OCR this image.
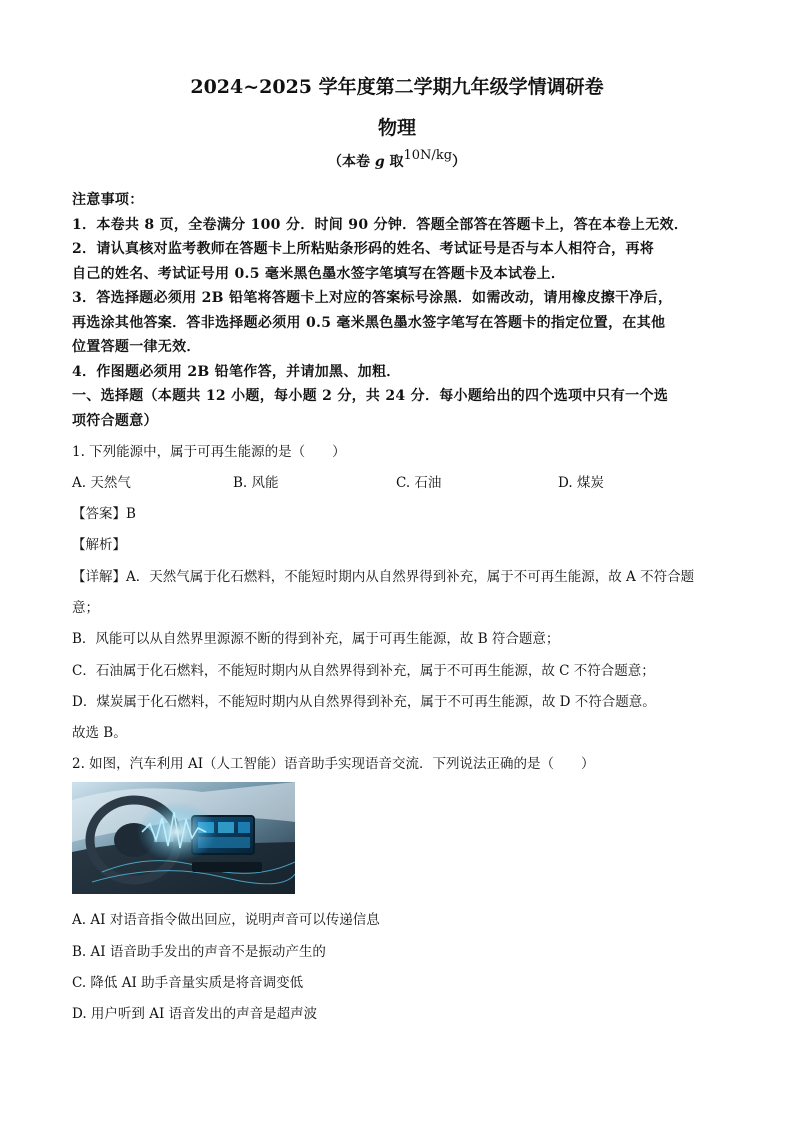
2024~2025 学年度第二学期九年级学情调研卷
物理
（本卷 g 取10N/kg）
注意事项：
1．本卷共 8 页，全卷满分 100 分．时间 90 分钟．答题全部答在答题卡上，答在本卷上无效．
2．请认真核对监考教师在答题卡上所粘贴条形码的姓名、考试证号是否与本人相符合，再将
自己的姓名、考试证号用 0.5 毫米黑色墨水签字笔填写在答题卡及本试卷上．
3．答选择题必须用 2B 铅笔将答题卡上对应的答案标号涂黑．如需改动，请用橡皮擦干净后，
再选涂其他答案．答非选择题必须用 0.5 毫米黑色墨水签字笔写在答题卡的指定位置，在其他
位置答题一律无效．
4．作图题必须用 2B 铅笔作答，并请加黑、加粗．
一、选择题（本题共 12 小题，每小题 2 分，共 24 分．每小题给出的四个选项中只有一个选
项符合题意）
1. 下列能源中，属于可再生能源的是（　　）
A. 天然气	B. 风能	C. 石油	D. 煤炭
【答案】B
【解析】
【详解】A．天然气属于化石燃料，不能短时期内从自然界得到补充，属于不可再生能源，故 A 不符合题
意；
B．风能可以从自然界里源源不断的得到补充，属于可再生能源，故 B 符合题意；
C．石油属于化石燃料，不能短时期内从自然界得到补充，属于不可再生能源，故 C 不符合题意；
D．煤炭属于化石燃料，不能短时期内从自然界得到补充，属于不可再生能源，故 D 不符合题意。
故选 B。
2. 如图，汽车利用 AI（人工智能）语音助手实现语音交流．下列说法正确的是（　　）
A. AI 对语音指令做出回应，说明声音可以传递信息
B. AI 语音助手发出的声音不是振动产生的
C. 降低 AI 助手音量实质是将音调变低
D. 用户听到 AI 语音发出的声音是超声波
